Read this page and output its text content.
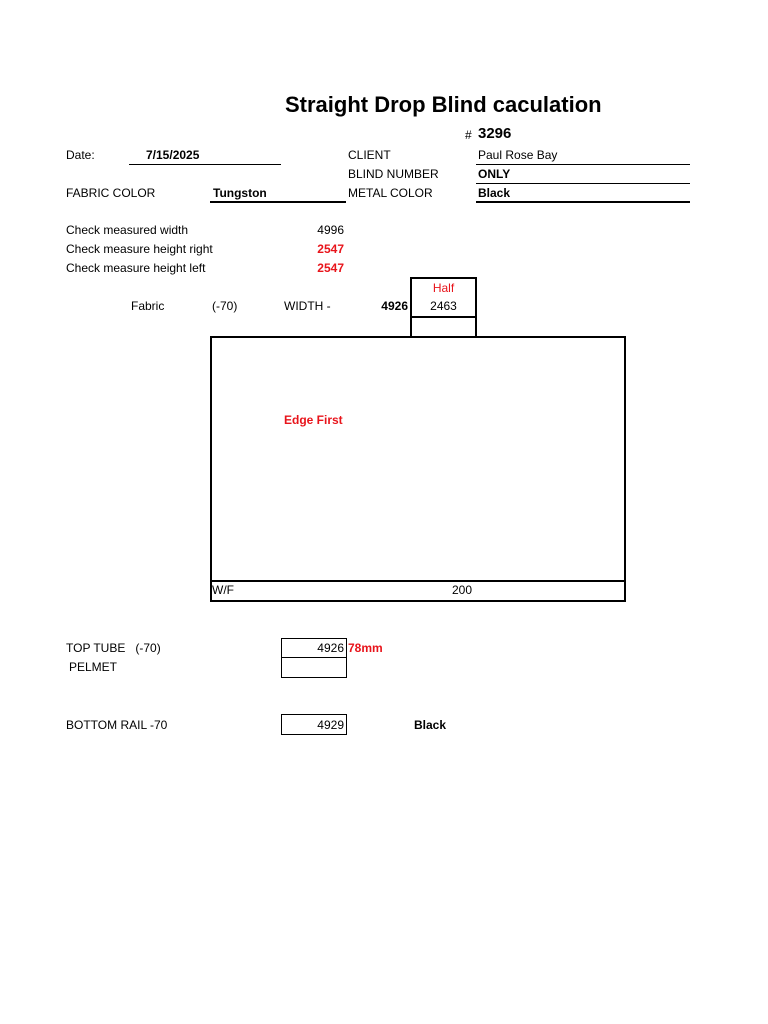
Straight Drop Blind caculation
# 3296
Date:	7/15/2025
FABRIC COLOR	Tungston
CLIENT	Paul Rose Bay
BLIND NUMBER	ONLY
METAL COLOR	Black
Check measured width	4996
Check measure height right	2547
Check measure height left	2547
Fabric	(-70)	WIDTH -	4926
Half
2463
Edge First
W/F	200
TOP TUBE   (-70)	4926 78mm
PELMET
BOTTOM RAIL -70	4929	Black
